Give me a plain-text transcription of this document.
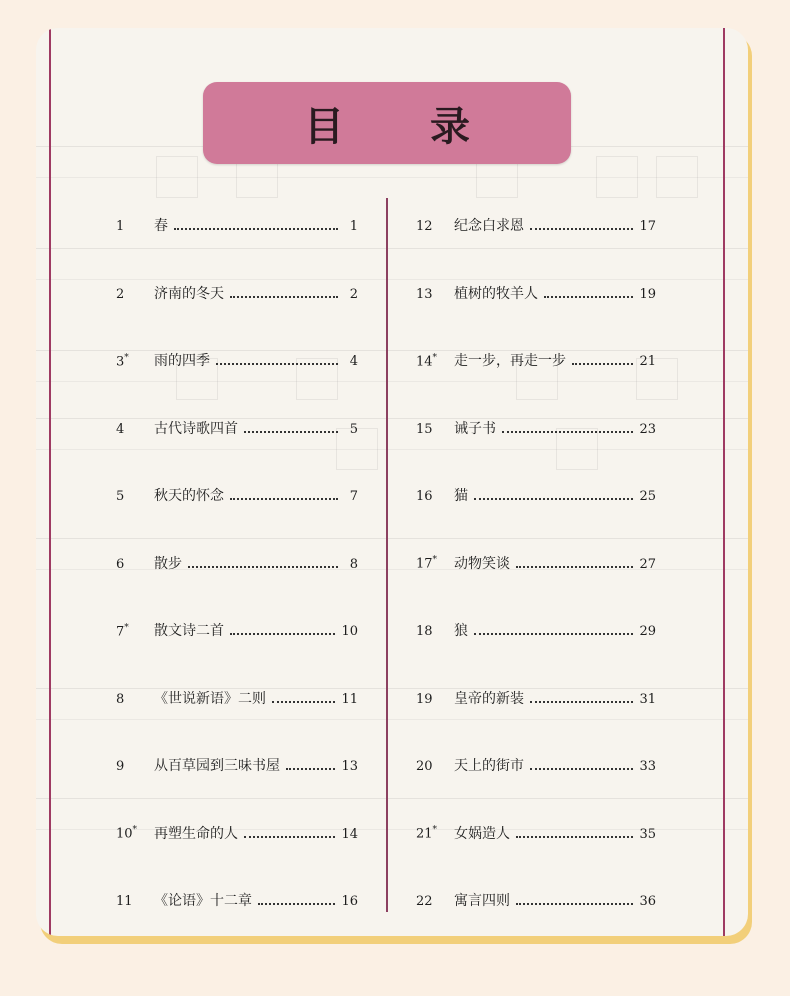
目 录
1	春	1
2	济南的冬天	2
3*	雨的四季	4
4	古代诗歌四首	5
5	秋天的怀念	7
6	散步	8
7*	散文诗二首	10
8	《世说新语》二则	11
9	从百草园到三味书屋	13
10*	再塑生命的人	14
11	《论语》十二章	16
12	纪念白求恩	17
13	植树的牧羊人	19
14*	走一步，再走一步	21
15	诫子书	23
16	猫	25
17*	动物笑谈	27
18	狼	29
19	皇帝的新装	31
20	天上的街市	33
21*	女娲造人	35
22	寓言四则	36
